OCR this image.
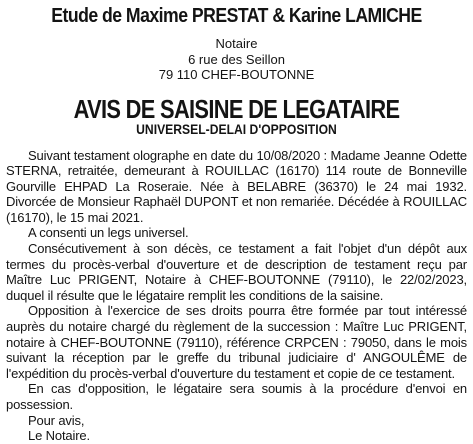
Etude de Maxime PRESTAT & Karine LAMICHE
Notaire
6 rue des Seillon
79 110 CHEF-BOUTONNE
AVIS DE SAISINE DE LEGATAIRE
UNIVERSEL-DELAI D'OPPOSITION

Suivant testament olographe en date du 10/08/2020 : Madame Jeanne Odette STERNA, retraitée, demeurant à ROUILLAC (16170) 114 route de Bonneville Gourville EHPAD La Roseraie. Née à BELABRE (36370) le 24 mai 1932. Divorcée de Monsieur Raphaël DUPONT et non remariée. Décédée à ROUILLAC (16170), le 15 mai 2021.

A consenti un legs universel.

Consécutivement à son décès, ce testament a fait l'objet d'un dépôt aux termes du procès-verbal d'ouverture et de description de testament reçu par Maître Luc PRIGENT, Notaire à CHEF-BOUTONNE (79110), le 22/02/2023, duquel il résulte que le légataire remplit les conditions de la saisine.

Opposition à l'exercice de ses droits pourra être formée par tout intéressé auprès du notaire chargé du règlement de la succession : Maître Luc PRIGENT, notaire à CHEF-BOUTONNE (79110), référence CRPCEN : 79050, dans le mois suivant la réception par le greffe du tribunal judiciaire d' ANGOULÊME de l'expédition du procès-verbal d'ouverture du testament et copie de ce testament.

En cas d'opposition, le légataire sera soumis à la procédure d'envoi en possession.

Pour avis,

Le Notaire.
